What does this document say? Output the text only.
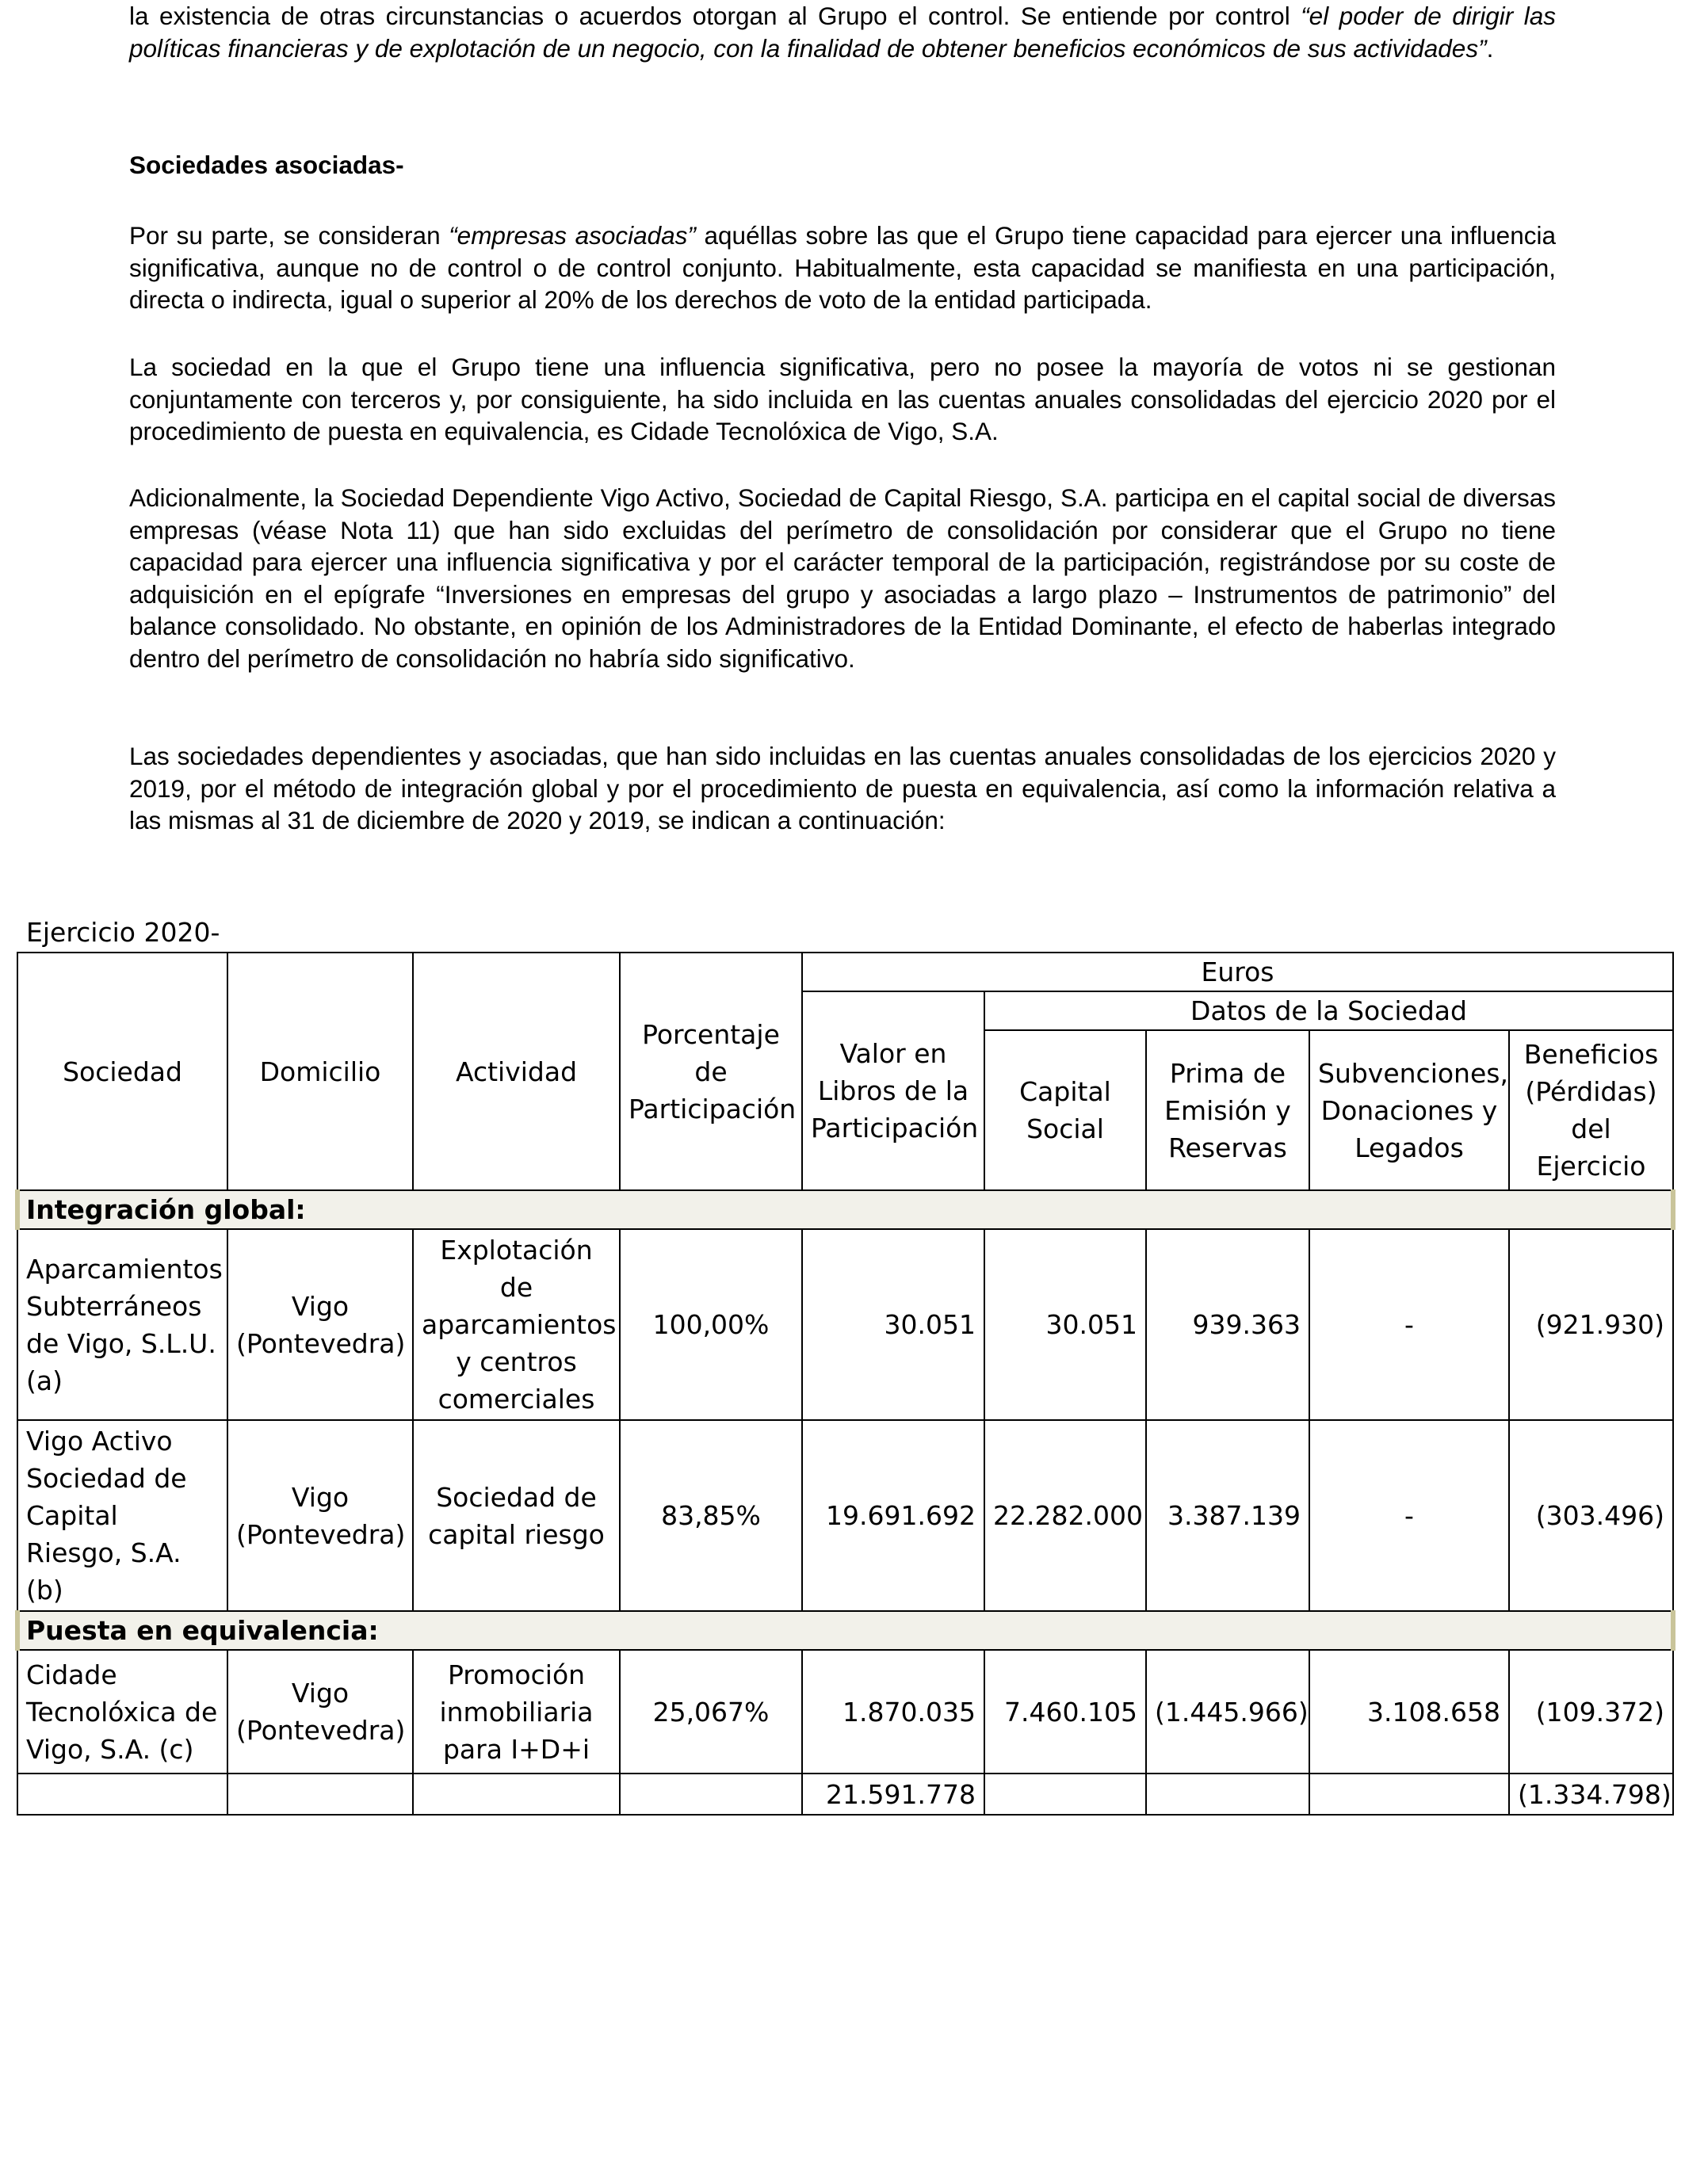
la existencia de otras circunstancias o acuerdos otorgan al Grupo el control. Se entiende por control “el poder de dirigir las políticas financieras y de explotación de un negocio, con la finalidad de obtener beneficios económicos de sus actividades”.

Sociedades asociadas-

Por su parte, se consideran “empresas asociadas” aquéllas sobre las que el Grupo tiene capacidad para ejercer una influencia significativa, aunque no de control o de control conjunto. Habitualmente, esta capacidad se manifiesta en una participación, directa o indirecta, igual o superior al 20% de los derechos de voto de la entidad participada.

La sociedad en la que el Grupo tiene una influencia significativa, pero no posee la mayoría de votos ni se gestionan conjuntamente con terceros y, por consiguiente, ha sido incluida en las cuentas anuales consolidadas del ejercicio 2020 por el procedimiento de puesta en equivalencia, es Cidade Tecnolóxica de Vigo, S.A.
Adicionalmente, la Sociedad Dependiente Vigo Activo, Sociedad de Capital Riesgo, S.A. participa en el capital social de diversas empresas (véase Nota 11) que han sido excluidas del perímetro de consolidación por considerar que el Grupo no tiene capacidad para ejercer una influencia significativa y por el carácter temporal de la participación, registrándose por su coste de adquisición en el epígrafe “Inversiones en empresas del grupo y asociadas a largo plazo – Instrumentos de patrimonio” del balance consolidado. No obstante, en opinión de los Administradores de la Entidad Dominante, el efecto de haberlas integrado dentro del perímetro de consolidación no habría sido significativo.
Las sociedades dependientes y asociadas, que han sido incluidas en las cuentas anuales consolidadas de los ejercicios 2020 y 2019, por el método de integración global y por el procedimiento de puesta en equivalencia, así como la información relativa a las mismas al 31 de diciembre de 2020 y 2019, se indican a continuación:
Ejercicio 2020-
Sociedad	Domicilio	Actividad	Porcentaje de Participación	Euros				
				Valor en Libros de la Participación	Datos de la Sociedad			
					Capital Social	Prima de Emisión y Reservas	Subvenciones, Donaciones y Legados	Beneficios (Pérdidas) del Ejercicio
Integración global:								
Aparcamientos Subterráneos de Vigo, S.L.U. (a)	Vigo (Pontevedra)	Explotación de aparcamientos y centros comerciales	100,00%	30.051	30.051	939.363	-	(921.930)
Vigo Activo Sociedad de Capital Riesgo, S.A. (b)	Vigo (Pontevedra)	Sociedad de capital riesgo	83,85%	19.691.692	22.282.000	3.387.139	-	(303.496)
Puesta en equivalencia:								
Cidade Tecnolóxica de Vigo, S.A. (c)	Vigo (Pontevedra)	Promoción inmobiliaria para I+D+i	25,067%	1.870.035	7.460.105	(1.445.966)	3.108.658	(109.372)
				21.591.778				(1.334.798)
